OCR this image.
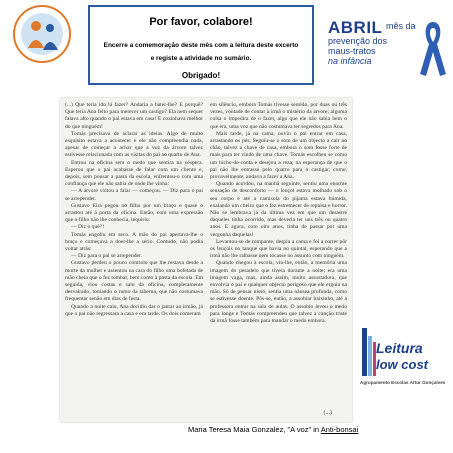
Por favor, colabore!
Encerre a comemoração deste mês com a leitura deste excerto
e registe a atividade no sumário.
Obrigado!
ABRIL mês da
prevenção dos
maus-tratos
na infância

(...) Que teria ido lá fazer? Andaria a bater-lhe? E porquê? Que teria Ana feito para merecer um castigo? Ela nem sequer falava alto quando o pai estava em casa! E cozinhava melhor do que ninguém!

Tomás precisava de aclarar as ideias. Algo de muito esquisito estava a acontecer e ele não compreendia nada, apesar de começar a achar que a voz da árvore talvez estivesse relacionada com as visitas do pai ao quarto de Ana.

Entrou na oficina sem o medo que sentira na véspera. Esperou que o pai acabasse de falar com um cliente e, depois, sem pousar a pasta da escola, enfrentou-o com uma confiança que ele não sabia de onde lhe vinha:

— A árvore voltou a falar — começou. — Diz para o pai se arrepender.

Gustavo Eira pegou no filho por um braço e quase o arrastou até à porta da oficina. Então, com uma expressão que o filho não lhe conhecia, inquiriu:

— Diz o quê?!

Tomás engoliu em seco. A mão do pai apertava-lhe o braço e começava a doer-lhe a sério. Contudo, não podia voltar atrás:

— Diz para o pai se arrepender.

Gustavo perdeu o pouco controlo que lhe restava desde a morte da mulher e assentou na cara do filho uma bofetada de mão cheia que o fez tombar, bem como à pasta da escola. Em seguida, viou costas e saiu da oficina, completamente desvairado, tomando o rumo da taberna, que não costumava frequentar senão em dias de festa.

Quando a noite caiu, Ana decidiu dar o jantar ao irmão, já que o pai não regressara a casa e era tarde. Os dois comeram

em silêncio, embora Tomás tivesse sentido, por duas ou três vezes, vontade de contar à irmã o mistério da árvore; alguma coisa o impedira de o fazer, algo que ele não sabia bem o que era, uma voz que não costumava ter segredos para Ana.

Mais tarde, já na cama, ouviu o pai entrar em casa, arrastando os pés. Seguiu-se o som de um objecto a cair no chão, talvez a chave de casa, embora o som fosse forte de mais para ter vindo de uma chave. Tomás escolheu se como um bicho-de-conta e desejou a reza; na esperança de que o pai não lhe entrasse pelo quarto para o castigar, como, provavelmente, andava a fazer a Ana.

Quando acordou, na manhã seguinte, sentiu uma enorme sensação de desconforto — o lençol estava molhado sob o seu corpo e até a camisola do pijama estava húmida, exalando um cheiro que o fez estremecer de repulsa e horror. Não se lembrava já da última vez em que um desastre daqueles tinha ocorrido, mas deveria ter uns três ou quatro anos. E agora, com oito anos, tinha de passar por uma vergonha daquelas!

Levantou-se de rompante, despiu a cama e foi a correr pôr os lençóis no tanque que havia no quintal, esperando que a irmã não lhe ralhasse nem tocasse no assunto com ninguém.

Quando chegou à escola, viu-lhe, então, a memória uma imagem do pesadelo que tivera durante a noite; era uma imagem vaga, mas, ainda assim, muito assustadora, que envolvia o pai e qualquer objecto perigoso que ele erguia na mão. Só de pensar nisso, sentia uma náusea profunda, como se estivesse doente. Pôs-se, então, a assobiar baixinho, até a professora entrar na sala de aulas. O assobio levou o medo para longe e Tomás compreendeu que talvez a canção triste da irmã fosse também para mandar o medo embora.

(...)
Maria Teresa Maia Gonzalez, "A voz" in Anti-bonsai
Leitura
low cost
Agrupamento Escolas Artur Gonçalves
